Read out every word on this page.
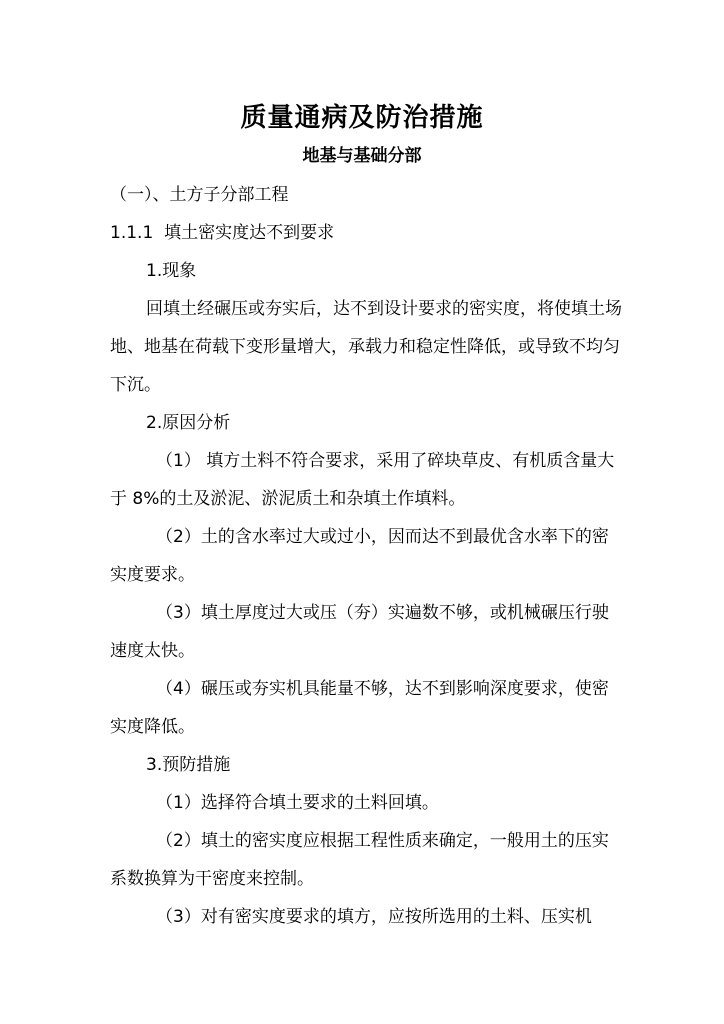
质量通病及防治措施
地基与基础分部

（一）、土方子分部工程

1.1.1  填土密实度达不到要求

1.现象

回填土经碾压或夯实后，达不到设计要求的密实度，将使填土场地、地基在荷载下变形量增大，承载力和稳定性降低，或导致不均匀下沉。

2.原因分析

（1） 填方土料不符合要求，采用了碎块草皮、有机质含量大于 8%的土及淤泥、淤泥质土和杂填土作填料。

（2）土的含水率过大或过小，因而达不到最优含水率下的密实度要求。

（3）填土厚度过大或压（夯）实遍数不够，或机械碾压行驶速度太快。

（4）碾压或夯实机具能量不够，达不到影响深度要求，使密实度降低。

3.预防措施

（1）选择符合填土要求的土料回填。

（2）填土的密实度应根据工程性质来确定，一般用土的压实系数换算为干密度来控制。

（3）对有密实度要求的填方，应按所选用的土料、压实机
